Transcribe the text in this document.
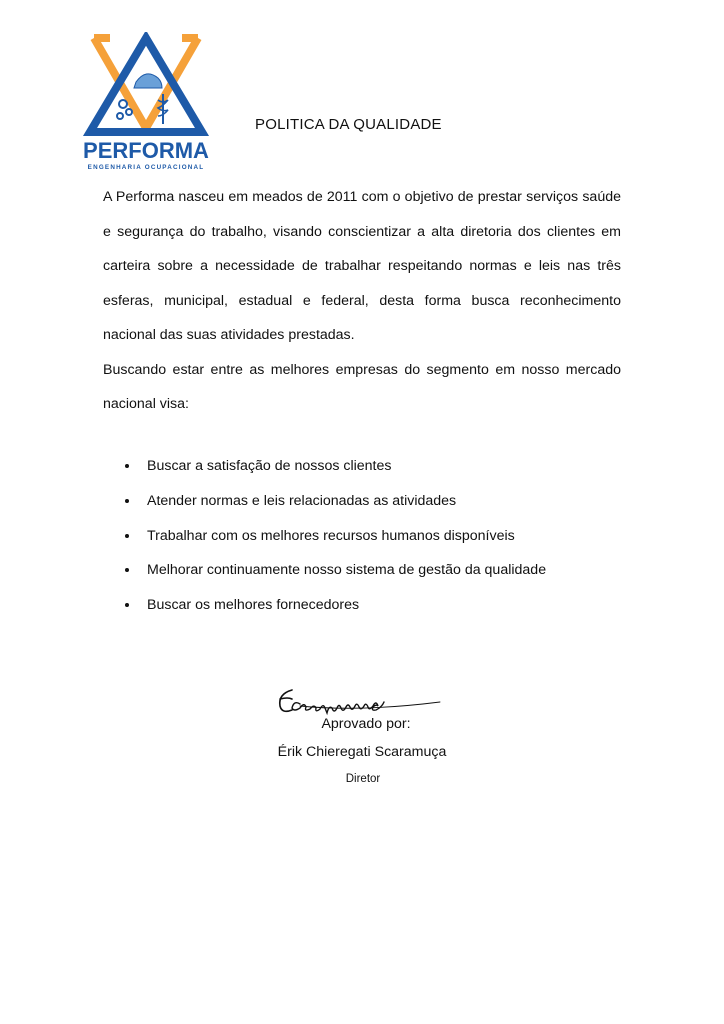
PERFORMA
ENGENHARIA OCUPACIONAL
POLITICA DA QUALIDADE

A Performa nasceu em meados de 2011 com o objetivo de prestar serviços saúde e segurança do trabalho, visando conscientizar a alta diretoria dos clientes em carteira sobre a necessidade de trabalhar respeitando normas e leis nas três esferas, municipal, estadual e federal, desta forma busca reconhecimento nacional das suas atividades prestadas.

Buscando estar entre as melhores empresas do segmento em nosso mercado nacional visa:

Buscar a satisfação de nossos clientes
Atender normas e leis relacionadas as atividades
Trabalhar com os melhores recursos humanos disponíveis
Melhorar continuamente nosso sistema de gestão da qualidade
Buscar os melhores fornecedores
Aprovado por:
Érik Chieregati Scaramuça
Diretor
